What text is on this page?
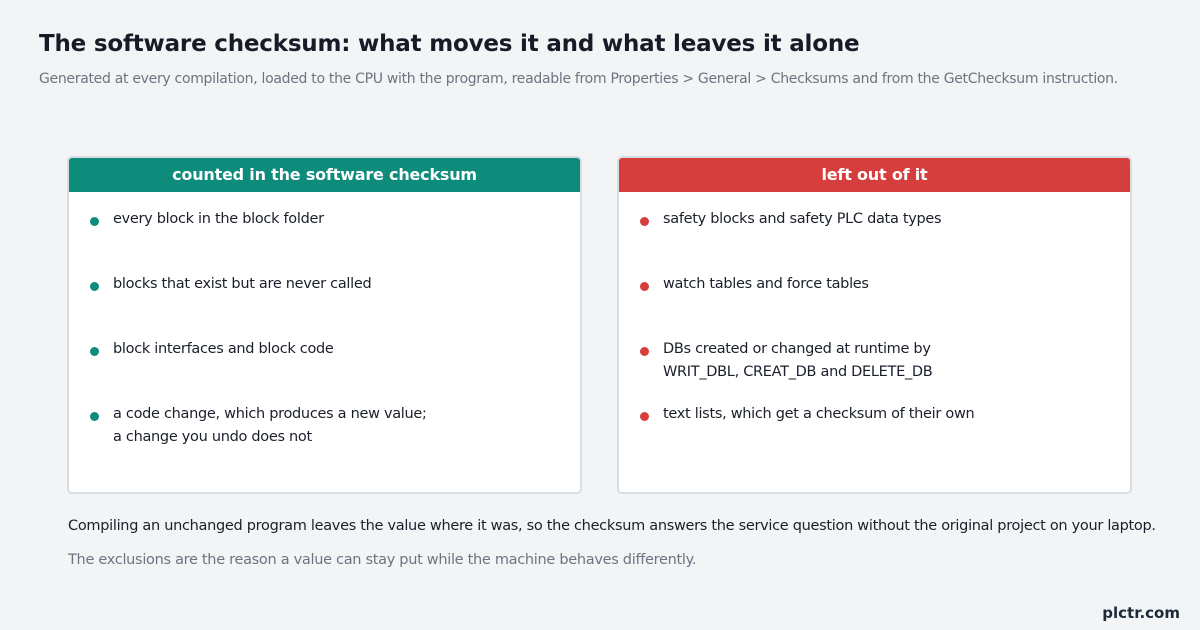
The software checksum: what moves it and what leaves it alone
Generated at every compilation, loaded to the CPU with the program, readable from Properties > General > Checksums and from the GetChecksum instruction.
counted in the software checksum
every block in the block folder
blocks that exist but are never called
block interfaces and block code
a code change, which produces a new value;
a change you undo does not
left out of it
safety blocks and safety PLC data types
watch tables and force tables
DBs created or changed at runtime by
WRIT_DBL, CREAT_DB and DELETE_DB
text lists, which get a checksum of their own
Compiling an unchanged program leaves the value where it was, so the checksum answers the service question without the original project on your laptop.
The exclusions are the reason a value can stay put while the machine behaves differently.
plctr.com
